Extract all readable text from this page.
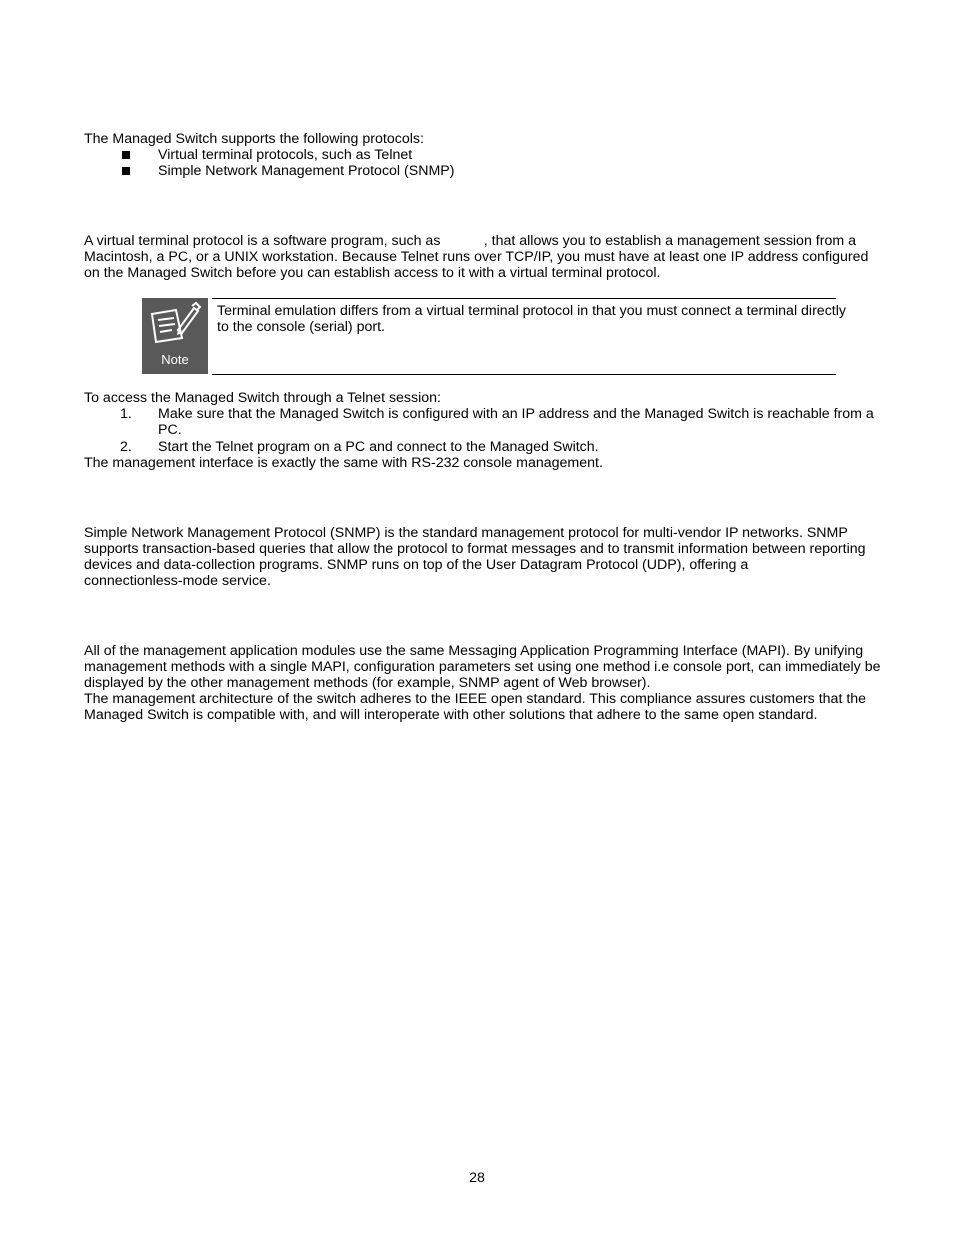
The Managed Switch supports the following protocols:
Virtual terminal protocols, such as Telnet
Simple Network Management Protocol (SNMP)
A virtual terminal protocol is a software program, such as           , that allows you to establish a management session from a
Macintosh, a PC, or a UNIX workstation. Because Telnet runs over TCP/IP, you must have at least one IP address configured
on the Managed Switch before you can establish access to it with a virtual terminal protocol.
Note
Terminal emulation differs from a virtual terminal protocol in that you must connect a terminal directly
to the console (serial) port.
To access the Managed Switch through a Telnet session:
1. Make sure that the Managed Switch is configured with an IP address and the Managed Switch is reachable from a
PC.
2. Start the Telnet program on a PC and connect to the Managed Switch.
The management interface is exactly the same with RS-232 console management.
Simple Network Management Protocol (SNMP) is the standard management protocol for multi-vendor IP networks. SNMP
supports transaction-based queries that allow the protocol to format messages and to transmit information between reporting
devices and data-collection programs. SNMP runs on top of the User Datagram Protocol (UDP), offering a
connectionless-mode service.
All of the management application modules use the same Messaging Application Programming Interface (MAPI). By unifying
management methods with a single MAPI, configuration parameters set using one method i.e console port, can immediately be
displayed by the other management methods (for example, SNMP agent of Web browser).
The management architecture of the switch adheres to the IEEE open standard. This compliance assures customers that the
Managed Switch is compatible with, and will interoperate with other solutions that adhere to the same open standard.
28
